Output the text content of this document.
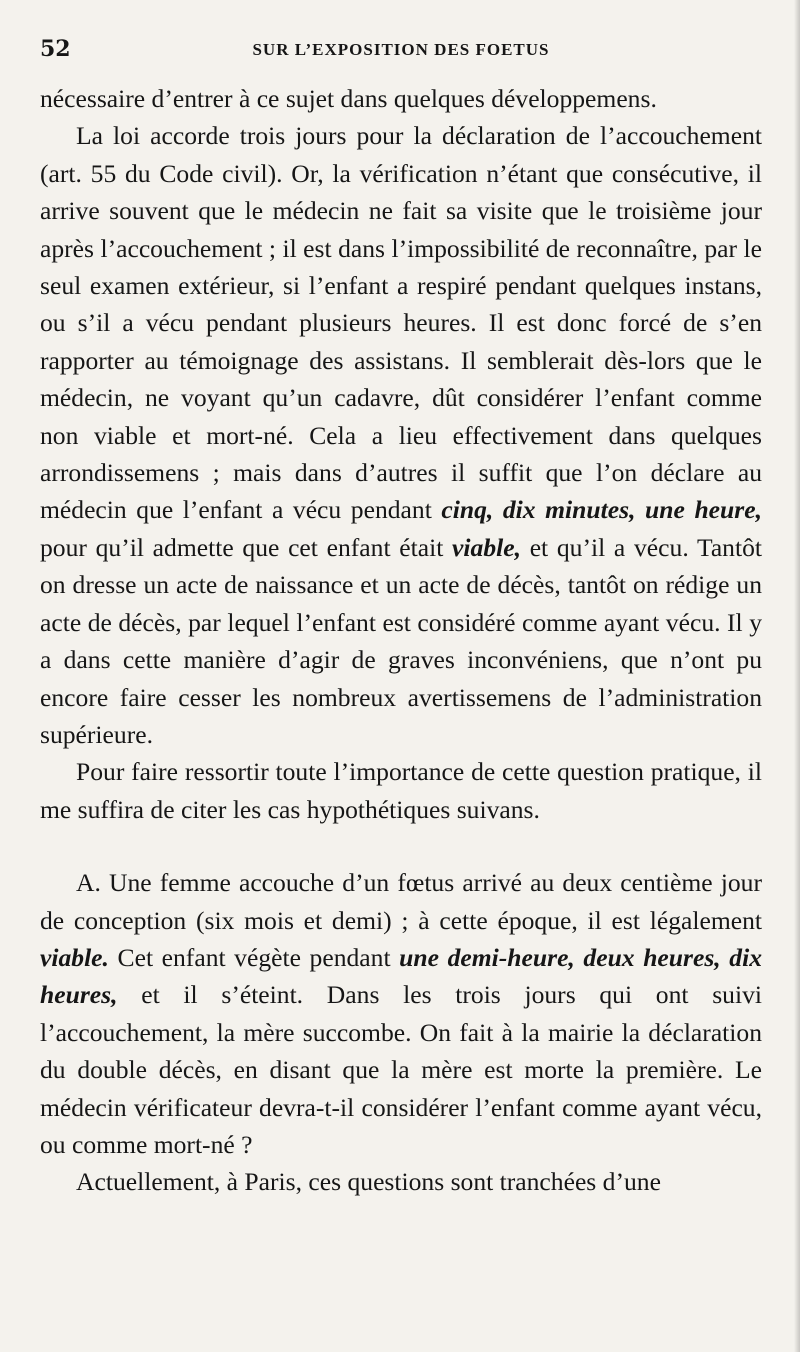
52	SUR L’EXPOSITION DES FOETUS

nécessaire d’entrer à ce sujet dans quelques développemens.

La loi accorde trois jours pour la déclaration de l’accouchement (art. 55 du Code civil). Or, la vérification n’étant que consécutive, il arrive souvent que le médecin ne fait sa visite que le troisième jour après l’accouchement ; il est dans l’impossibilité de reconnaître, par le seul examen extérieur, si l’enfant a respiré pendant quelques instans, ou s’il a vécu pendant plusieurs heures. Il est donc forcé de s’en rapporter au témoignage des assistans. Il semblerait dès-lors que le médecin, ne voyant qu’un cadavre, dût considérer l’enfant comme non viable et mort-né. Cela a lieu effectivement dans quelques arrondissemens ; mais dans d’autres il suffit que l’on déclare au médecin que l’enfant a vécu pendant cinq, dix minutes, une heure, pour qu’il admette que cet enfant était viable, et qu’il a vécu. Tantôt on dresse un acte de naissance et un acte de décès, tantôt on rédige un acte de décès, par lequel l’enfant est considéré comme ayant vécu. Il y a dans cette manière d’agir de graves inconvéniens, que n’ont pu encore faire cesser les nombreux avertissemens de l’administration supérieure.

Pour faire ressortir toute l’importance de cette question pratique, il me suffira de citer les cas hypothétiques suivans.

A. Une femme accouche d’un fœtus arrivé au deux centième jour de conception (six mois et demi) ; à cette époque, il est légalement viable. Cet enfant végète pendant une demi-heure, deux heures, dix heures, et il s’éteint. Dans les trois jours qui ont suivi l’accouchement, la mère succombe. On fait à la mairie la déclaration du double décès, en disant que la mère est morte la première. Le médecin vérificateur devra-t-il considérer l’enfant comme ayant vécu, ou comme mort-né ?

Actuellement, à Paris, ces questions sont tranchées d’une
